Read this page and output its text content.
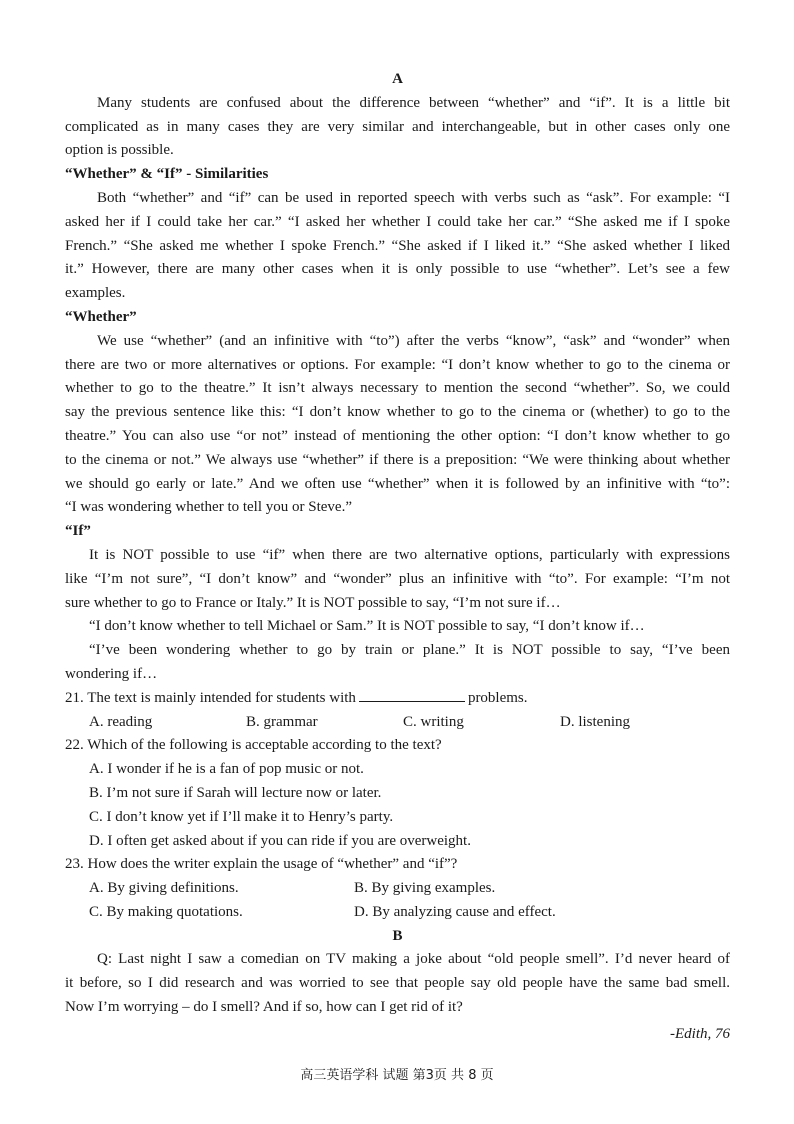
A
Many students are confused about the difference between “whether” and “if”. It is a little bit
complicated as in many cases they are very similar and interchangeable, but in other cases only one
option is possible.
“Whether” & “If” - Similarities
Both “whether” and “if” can be used in reported speech with verbs such as “ask”. For example: “I
asked her if I could take her car.” “I asked her whether I could take her car.” “She asked me if I spoke
French.” “She asked me whether I spoke French.” “She asked if I liked it.” “She asked whether I liked
it.” However, there are many other cases when it is only possible to use “whether”. Let’s see a few
examples.
“Whether”
We use “whether” (and an infinitive with “to”) after the verbs “know”, “ask” and “wonder” when
there are two or more alternatives or options. For example: “I don’t know whether to go to the cinema or
whether to go to the theatre.” It isn’t always necessary to mention the second “whether”. So, we could
say the previous sentence like this: “I don’t know whether to go to the cinema or (whether) to go to the
theatre.” You can also use “or not” instead of mentioning the other option: “I don’t know whether to go
to the cinema or not.” We always use “whether” if there is a preposition: “We were thinking about whether
we should go early or late.” And we often use “whether” when it is followed by an infinitive with “to”:
“I was wondering whether to tell you or Steve.”
“If”
It is NOT possible to use “if” when there are two alternative options, particularly with expressions
like “I’m not sure”, “I don’t know” and “wonder” plus an infinitive with “to”. For example: “I’m not
sure whether to go to France or Italy.” It is NOT possible to say, “I’m not sure if…
“I don’t know whether to tell Michael or Sam.” It is NOT possible to say, “I don’t know if…
“I’ve been wondering whether to go by train or plane.” It is NOT possible to say, “I’ve been
wondering if…
21. The text is mainly intended for students with	problems.
A. reading	B. grammar	C. writing	D. listening
22. Which of the following is acceptable according to the text?
A. I wonder if he is a fan of pop music or not.
B. I’m not sure if Sarah will lecture now or later.
C. I don’t know yet if I’ll make it to Henry’s party.
D. I often get asked about if you can ride if you are overweight.
23. How does the writer explain the usage of “whether” and “if”?
A. By giving definitions.	B. By giving examples.
C. By making quotations.	D. By analyzing cause and effect.
B
Q: Last night I saw a comedian on TV making a joke about “old people smell”. I’d never heard of
it before, so I did research and was worried to see that people say old people have the same bad smell.
Now I’m worrying – do I smell? And if so, how can I get rid of it?
-Edith, 76
高三英语学科 试题 第3页 共 8 页
